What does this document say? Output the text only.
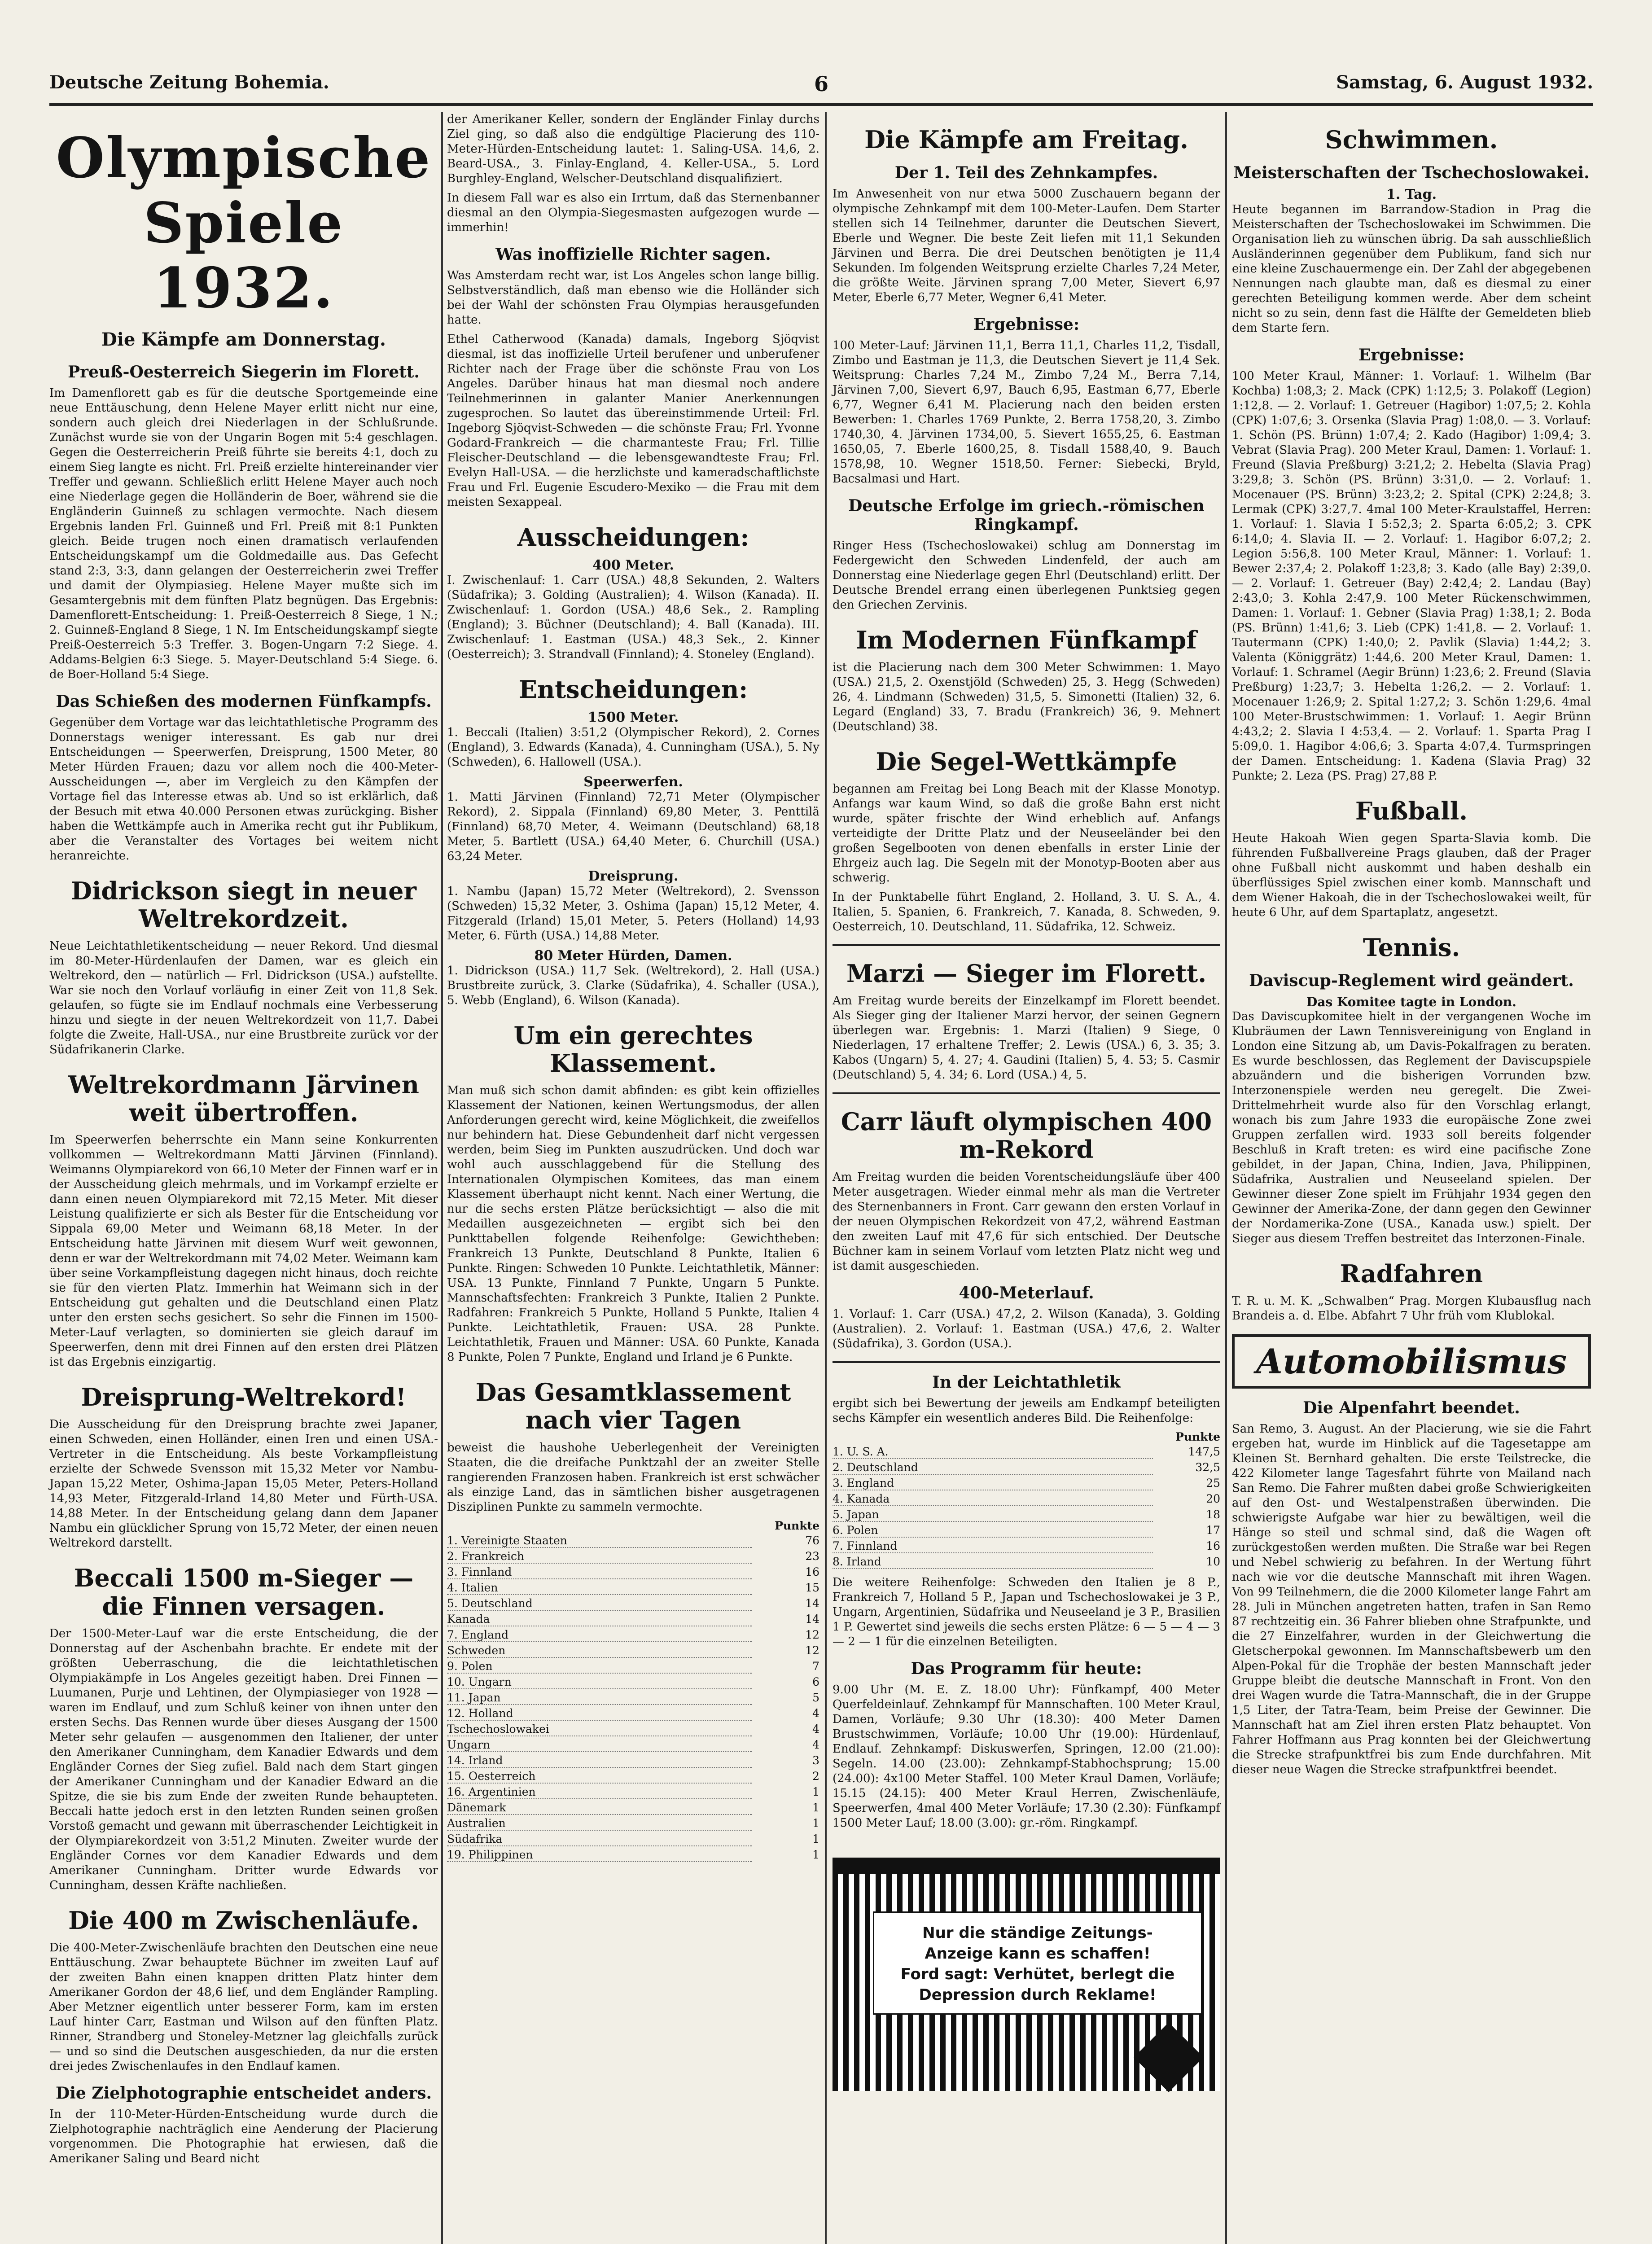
Deutsche Zeitung Bohemia.	6	Samstag, 6. August 1932.
Olympische Spiele 1932.
Die Kämpfe am Donnerstag.
Preuß-Oesterreich Siegerin im Florett.

Im Damenflorett gab es für die deutsche Sportgemeinde eine neue Enttäuschung, denn Helene Mayer erlitt nicht nur eine, sondern auch gleich drei Niederlagen in der Schlußrunde. Zunächst wurde sie von der Ungarin Bogen mit 5:4 geschlagen. Gegen die Oesterreicherin Preiß führte sie bereits 4:1, doch zu einem Sieg langte es nicht. Frl. Preiß erzielte hintereinander vier Treffer und gewann. Schließlich erlitt Helene Mayer auch noch eine Niederlage gegen die Holländerin de Boer, während sie die Engländerin Guinneß zu schlagen vermochte. Nach diesem Ergebnis landen Frl. Guinneß und Frl. Preiß mit 8:1 Punkten gleich. Beide trugen noch einen dramatisch verlaufenden Entscheidungskampf um die Goldmedaille aus. Das Gefecht stand 2:3, 3:3, dann gelangen der Oesterreicherin zwei Treffer und damit der Olympiasieg. Helene Mayer mußte sich im Gesamtergebnis mit dem fünften Platz begnügen. Das Ergebnis: Damenflorett-Entscheidung: 1. Preiß-Oesterreich 8 Siege, 1 N.; 2. Guinneß-England 8 Siege, 1 N. Im Entscheidungskampf siegte Preiß-Oesterreich 5:3 Treffer. 3. Bogen-Ungarn 7:2 Siege. 4. Addams-Belgien 6:3 Siege. 5. Mayer-Deutschland 5:4 Siege. 6. de Boer-Holland 5:4 Siege.

Das Schießen des modernen Fünfkampfs.

Gegenüber dem Vortage war das leichtathletische Programm des Donnerstags weniger interessant. Es gab nur drei Entscheidungen — Speerwerfen, Dreisprung, 1500 Meter, 80 Meter Hürden Frauen; dazu vor allem noch die 400-Meter-Ausscheidungen —, aber im Vergleich zu den Kämpfen der Vortage fiel das Interesse etwas ab. Und so ist erklärlich, daß der Besuch mit etwa 40.000 Personen etwas zurückging. Bisher haben die Wettkämpfe auch in Amerika recht gut ihr Publikum, aber die Veranstalter des Vortages bei weitem nicht heranreichte.

Didrickson siegt in neuer Weltrekordzeit.

Neue Leichtathletikentscheidung — neuer Rekord. Und diesmal im 80-Meter-Hürdenlaufen der Damen, war es gleich ein Weltrekord, den — natürlich — Frl. Didrickson (USA.) aufstellte. War sie noch den Vorlauf vorläufig in einer Zeit von 11,8 Sek. gelaufen, so fügte sie im Endlauf nochmals eine Verbesserung hinzu und siegte in der neuen Weltrekordzeit von 11,7. Dabei folgte die Zweite, Hall-USA., nur eine Brustbreite zurück vor der Südafrikanerin Clarke.

Weltrekordmann Järvinen weit übertroffen.

Im Speerwerfen beherrschte ein Mann seine Konkurrenten vollkommen — Weltrekordmann Matti Järvinen (Finnland). Weimanns Olympiarekord von 66,10 Meter der Finnen warf er in der Ausscheidung gleich mehrmals, und im Vorkampf erzielte er dann einen neuen Olympiarekord mit 72,15 Meter. Mit dieser Leistung qualifizierte er sich als Bester für die Entscheidung vor Sippala 69,00 Meter und Weimann 68,18 Meter. In der Entscheidung hatte Järvinen mit diesem Wurf weit gewonnen, denn er war der Weltrekordmann mit 74,02 Meter. Weimann kam über seine Vorkampfleistung dagegen nicht hinaus, doch reichte sie für den vierten Platz. Immerhin hat Weimann sich in der Entscheidung gut gehalten und die Deutschland einen Platz unter den ersten sechs gesichert. So sehr die Finnen im 1500-Meter-Lauf verlagten, so dominierten sie gleich darauf im Speerwerfen, denn mit drei Finnen auf den ersten drei Plätzen ist das Ergebnis einzigartig.

Dreisprung-Weltrekord!

Die Ausscheidung für den Dreisprung brachte zwei Japaner, einen Schweden, einen Holländer, einen Iren und einen USA.-Vertreter in die Entscheidung. Als beste Vorkampfleistung erzielte der Schwede Svensson mit 15,32 Meter vor Nambu-Japan 15,22 Meter, Oshima-Japan 15,05 Meter, Peters-Holland 14,93 Meter, Fitzgerald-Irland 14,80 Meter und Fürth-USA. 14,88 Meter. In der Entscheidung gelang dann dem Japaner Nambu ein glücklicher Sprung von 15,72 Meter, der einen neuen Weltrekord darstellt.

Beccali 1500 m-Sieger — die Finnen versagen.

Der 1500-Meter-Lauf war die erste Entscheidung, die der Donnerstag auf der Aschenbahn brachte. Er endete mit der größten Ueberraschung, die die leichtathletischen Olympiakämpfe in Los Angeles gezeitigt haben. Drei Finnen — Luumanen, Purje und Lehtinen, der Olympiasieger von 1928 — waren im Endlauf, und zum Schluß keiner von ihnen unter den ersten Sechs. Das Rennen wurde über dieses Ausgang der 1500 Meter sehr gelaufen — ausgenommen den Italiener, der unter den Amerikaner Cunningham, dem Kanadier Edwards und dem Engländer Cornes der Sieg zufiel. Bald nach dem Start gingen der Amerikaner Cunningham und der Kanadier Edward an die Spitze, die sie bis zum Ende der zweiten Runde behaupteten. Beccali hatte jedoch erst in den letzten Runden seinen großen Vorstoß gemacht und gewann mit überraschender Leichtigkeit in der Olympiarekordzeit von 3:51,2 Minuten. Zweiter wurde der Engländer Cornes vor dem Kanadier Edwards und dem Amerikaner Cunningham. Dritter wurde Edwards vor Cunningham, dessen Kräfte nachließen.

Die 400 m Zwischenläufe.

Die 400-Meter-Zwischenläufe brachten den Deutschen eine neue Enttäuschung. Zwar behauptete Büchner im zweiten Lauf auf der zweiten Bahn einen knappen dritten Platz hinter dem Amerikaner Gordon der 48,6 lief, und dem Engländer Rampling. Aber Metzner eigentlich unter besserer Form, kam im ersten Lauf hinter Carr, Eastman und Wilson auf den fünften Platz. Rinner, Strandberg und Stoneley-Metzner lag gleichfalls zurück — und so sind die Deutschen ausgeschieden, da nur die ersten drei jedes Zwischenlaufes in den Endlauf kamen.

Die Zielphotographie entscheidet anders.

In der 110-Meter-Hürden-Entscheidung wurde durch die Zielphotographie nachträglich eine Aenderung der Placierung vorgenommen. Die Photographie hat erwiesen, daß die Amerikaner Saling und Beard nicht

der Amerikaner Keller, sondern der Engländer Finlay durchs Ziel ging, so daß also die endgültige Placierung des 110-Meter-Hürden-Entscheidung lautet: 1. Saling-USA. 14,6, 2. Beard-USA., 3. Finlay-England, 4. Keller-USA., 5. Lord Burghley-England, Welscher-Deutschland disqualifiziert.

In diesem Fall war es also ein Irrtum, daß das Sternenbanner diesmal an den Olympia-Siegesmasten aufgezogen wurde — immerhin!

Was inoffizielle Richter sagen.

Was Amsterdam recht war, ist Los Angeles schon lange billig. Selbstverständlich, daß man ebenso wie die Holländer sich bei der Wahl der schönsten Frau Olympias herausgefunden hatte.

Ethel Catherwood (Kanada) damals, Ingeborg Sjöqvist diesmal, ist das inoffizielle Urteil berufener und unberufener Richter nach der Frage über die schönste Frau von Los Angeles. Darüber hinaus hat man diesmal noch andere Teilnehmerinnen in galanter Manier Anerkennungen zugesprochen. So lautet das übereinstimmende Urteil: Frl. Ingeborg Sjöqvist-Schweden — die schönste Frau; Frl. Yvonne Godard-Frankreich — die charmanteste Frau; Frl. Tillie Fleischer-Deutschland — die lebensgewandteste Frau; Frl. Evelyn Hall-USA. — die herzlichste und kameradschaftlichste Frau und Frl. Eugenie Escudero-Mexiko — die Frau mit dem meisten Sexappeal.

Ausscheidungen:
400 Meter.

I. Zwischenlauf: 1. Carr (USA.) 48,8 Sekunden, 2. Walters (Südafrika); 3. Golding (Australien); 4. Wilson (Kanada). II. Zwischenlauf: 1. Gordon (USA.) 48,6 Sek., 2. Rampling (England); 3. Büchner (Deutschland); 4. Ball (Kanada). III. Zwischenlauf: 1. Eastman (USA.) 48,3 Sek., 2. Kinner (Oesterreich); 3. Strandvall (Finnland); 4. Stoneley (England).

Entscheidungen:
1500 Meter.

1. Beccali (Italien) 3:51,2 (Olympischer Rekord), 2. Cornes (England), 3. Edwards (Kanada), 4. Cunningham (USA.), 5. Ny (Schweden), 6. Hallowell (USA.).

Speerwerfen.

1. Matti Järvinen (Finnland) 72,71 Meter (Olympischer Rekord), 2. Sippala (Finnland) 69,80 Meter, 3. Penttilä (Finnland) 68,70 Meter, 4. Weimann (Deutschland) 68,18 Meter, 5. Bartlett (USA.) 64,40 Meter, 6. Churchill (USA.) 63,24 Meter.

Dreisprung.

1. Nambu (Japan) 15,72 Meter (Weltrekord), 2. Svensson (Schweden) 15,32 Meter, 3. Oshima (Japan) 15,12 Meter, 4. Fitzgerald (Irland) 15,01 Meter, 5. Peters (Holland) 14,93 Meter, 6. Fürth (USA.) 14,88 Meter.

80 Meter Hürden, Damen.

1. Didrickson (USA.) 11,7 Sek. (Weltrekord), 2. Hall (USA.) Brustbreite zurück, 3. Clarke (Südafrika), 4. Schaller (USA.), 5. Webb (England), 6. Wilson (Kanada).

Um ein gerechtes Klassement.

Man muß sich schon damit abfinden: es gibt kein offizielles Klassement der Nationen, keinen Wertungsmodus, der allen Anforderungen gerecht wird, keine Möglichkeit, die zweifellos nur behindern hat. Diese Gebundenheit darf nicht vergessen werden, beim Sieg im Punkten auszudrücken. Und doch war wohl auch ausschlaggebend für die Stellung des Internationalen Olympischen Komitees, das man einem Klassement überhaupt nicht kennt. Nach einer Wertung, die nur die sechs ersten Plätze berücksichtigt — also die mit Medaillen ausgezeichneten — ergibt sich bei den Punkttabellen folgende Reihenfolge: Gewichtheben: Frankreich 13 Punkte, Deutschland 8 Punkte, Italien 6 Punkte. Ringen: Schweden 10 Punkte. Leichtathletik, Männer: USA. 13 Punkte, Finnland 7 Punkte, Ungarn 5 Punkte. Mannschaftsfechten: Frankreich 3 Punkte, Italien 2 Punkte. Radfahren: Frankreich 5 Punkte, Holland 5 Punkte, Italien 4 Punkte. Leichtathletik, Frauen: USA. 28 Punkte. Leichtathletik, Frauen und Männer: USA. 60 Punkte, Kanada 8 Punkte, Polen 7 Punkte, England und Irland je 6 Punkte.

Das Gesamtklassement nach vier Tagen

beweist die haushohe Ueberlegenheit der Vereinigten Staaten, die die dreifache Punktzahl der an zweiter Stelle rangierenden Franzosen haben. Frankreich ist erst schwächer als einzige Land, das in sämtlichen bisher ausgetragenen Disziplinen Punkte zu sammeln vermochte.

Punkte
1. Vereinigte Staaten	76
2. Frankreich	23
3. Finnland	16
4. Italien	15
5. Deutschland	14
Kanada	14
7. England	12
Schweden	12
9. Polen	7
10. Ungarn	6
11. Japan	5
12. Holland	4
Tschechoslowakei	4
Ungarn	4
14. Irland	3
15. Oesterreich	2
16. Argentinien	1
Dänemark	1
Australien	1
Südafrika	1
19. Philippinen	1
Die Kämpfe am Freitag.
Der 1. Teil des Zehnkampfes.

Im Anwesenheit von nur etwa 5000 Zuschauern begann der olympische Zehnkampf mit dem 100-Meter-Laufen. Dem Starter stellen sich 14 Teilnehmer, darunter die Deutschen Sievert, Eberle und Wegner. Die beste Zeit liefen mit 11,1 Sekunden Järvinen und Berra. Die drei Deutschen benötigten je 11,4 Sekunden. Im folgenden Weitsprung erzielte Charles 7,24 Meter, die größte Weite. Järvinen sprang 7,00 Meter, Sievert 6,97 Meter, Eberle 6,77 Meter, Wegner 6,41 Meter.

Ergebnisse:

100 Meter-Lauf: Järvinen 11,1, Berra 11,1, Charles 11,2, Tisdall, Zimbo und Eastman je 11,3, die Deutschen Sievert je 11,4 Sek. Weitsprung: Charles 7,24 M., Zimbo 7,24 M., Berra 7,14, Järvinen 7,00, Sievert 6,97, Bauch 6,95, Eastman 6,77, Eberle 6,77, Wegner 6,41 M. Placierung nach den beiden ersten Bewerben: 1. Charles 1769 Punkte, 2. Berra 1758,20, 3. Zimbo 1740,30, 4. Järvinen 1734,00, 5. Sievert 1655,25, 6. Eastman 1650,05, 7. Eberle 1600,25, 8. Tisdall 1588,40, 9. Bauch 1578,98, 10. Wegner 1518,50. Ferner: Siebecki, Bryld, Bacsalmasi und Hart.

Deutsche Erfolge im griech.-römischen Ringkampf.

Ringer Hess (Tschechoslowakei) schlug am Donnerstag im Federgewicht den Schweden Lindenfeld, der auch am Donnerstag eine Niederlage gegen Ehrl (Deutschland) erlitt. Der Deutsche Brendel errang einen überlegenen Punktsieg gegen den Griechen Zervinis.

Im Modernen Fünfkampf

ist die Placierung nach dem 300 Meter Schwimmen: 1. Mayo (USA.) 21,5, 2. Oxenstjöld (Schweden) 25, 3. Hegg (Schweden) 26, 4. Lindmann (Schweden) 31,5, 5. Simonetti (Italien) 32, 6. Legard (England) 33, 7. Bradu (Frankreich) 36, 9. Mehnert (Deutschland) 38.

Die Segel-Wettkämpfe

begannen am Freitag bei Long Beach mit der Klasse Monotyp. Anfangs war kaum Wind, so daß die große Bahn erst nicht wurde, später frischte der Wind erheblich auf. Anfangs verteidigte der Dritte Platz und der Neuseeländer bei den großen Segelbooten von denen ebenfalls in erster Linie der Ehrgeiz auch lag. Die Segeln mit der Monotyp-Booten aber aus schwerig.

In der Punktabelle führt England, 2. Holland, 3. U. S. A., 4. Italien, 5. Spanien, 6. Frankreich, 7. Kanada, 8. Schweden, 9. Oesterreich, 10. Deutschland, 11. Südafrika, 12. Schweiz.

Marzi — Sieger im Florett.

Am Freitag wurde bereits der Einzelkampf im Florett beendet. Als Sieger ging der Italiener Marzi hervor, der seinen Gegnern überlegen war. Ergebnis: 1. Marzi (Italien) 9 Siege, 0 Niederlagen, 17 erhaltene Treffer; 2. Lewis (USA.) 6, 3. 35; 3. Kabos (Ungarn) 5, 4. 27; 4. Gaudini (Italien) 5, 4. 53; 5. Casmir (Deutschland) 5, 4. 34; 6. Lord (USA.) 4, 5.

Carr läuft olympischen 400 m-Rekord

Am Freitag wurden die beiden Vorentscheidungsläufe über 400 Meter ausgetragen. Wieder einmal mehr als man die Vertreter des Sternenbanners in Front. Carr gewann den ersten Vorlauf in der neuen Olympischen Rekordzeit von 47,2, während Eastman den zweiten Lauf mit 47,6 für sich entschied. Der Deutsche Büchner kam in seinem Vorlauf vom letzten Platz nicht weg und ist damit ausgeschieden.

400-Meterlauf.

1. Vorlauf: 1. Carr (USA.) 47,2, 2. Wilson (Kanada), 3. Golding (Australien). 2. Vorlauf: 1. Eastman (USA.) 47,6, 2. Walter (Südafrika), 3. Gordon (USA.).

In der Leichtathletik

ergibt sich bei Bewertung der jeweils am Endkampf beteiligten sechs Kämpfer ein wesentlich anderes Bild. Die Reihenfolge:

Punkte
1. U. S. A.	147,5
2. Deutschland	32,5
3. England	25
4. Kanada	20
5. Japan	18
6. Polen	17
7. Finnland	16
8. Irland	10

Die weitere Reihenfolge: Schweden den Italien je 8 P., Frankreich 7, Holland 5 P., Japan und Tschechoslowakei je 3 P., Ungarn, Argentinien, Südafrika und Neuseeland je 3 P., Brasilien 1 P. Gewertet sind jeweils die sechs ersten Plätze: 6 — 5 — 4 — 3 — 2 — 1 für die einzelnen Beteiligten.

Das Programm für heute:

9.00 Uhr (M. E. Z. 18.00 Uhr): Fünfkampf, 400 Meter Querfeldeinlauf. Zehnkampf für Mannschaften. 100 Meter Kraul, Damen, Vorläufe; 9.30 Uhr (18.30): 400 Meter Damen Brustschwimmen, Vorläufe; 10.00 Uhr (19.00): Hürdenlauf, Endlauf. Zehnkampf: Diskuswerfen, Springen, 12.00 (21.00): Segeln. 14.00 (23.00): Zehnkampf-Stabhochsprung; 15.00 (24.00): 4x100 Meter Staffel. 100 Meter Kraul Damen, Vorläufe; 15.15 (24.15): 400 Meter Kraul Herren, Zwischenläufe, Speerwerfen, 4mal 400 Meter Vorläufe; 17.30 (2.30): Fünfkampf 1500 Meter Lauf; 18.00 (3.00): gr.-röm. Ringkampf.

Nur die ständige Zeitungs-
Anzeige kann es schaffen!
Ford sagt: Verhütet, berlegt die
Depression durch Reklame!
Schwimmen.
Meisterschaften der Tschechoslowakei.
1. Tag.

Heute begannen im Barrandow-Stadion in Prag die Meisterschaften der Tschechoslowakei im Schwimmen. Die Organisation lieh zu wünschen übrig. Da sah ausschließlich Ausländerinnen gegenüber dem Publikum, fand sich nur eine kleine Zuschauermenge ein. Der Zahl der abgegebenen Nennungen nach glaubte man, daß es diesmal zu einer gerechten Beteiligung kommen werde. Aber dem scheint nicht so zu sein, denn fast die Hälfte der Gemeldeten blieb dem Starte fern.

Ergebnisse:

100 Meter Kraul, Männer: 1. Vorlauf: 1. Wilhelm (Bar Kochba) 1:08,3; 2. Mack (CPK) 1:12,5; 3. Polakoff (Legion) 1:12,8. — 2. Vorlauf: 1. Getreuer (Hagibor) 1:07,5; 2. Kohla (CPK) 1:07,6; 3. Orsenka (Slavia Prag) 1:08,0. — 3. Vorlauf: 1. Schön (PS. Brünn) 1:07,4; 2. Kado (Hagibor) 1:09,4; 3. Vebrat (Slavia Prag). 200 Meter Kraul, Damen: 1. Vorlauf: 1. Freund (Slavia Preßburg) 3:21,2; 2. Hebelta (Slavia Prag) 3:29,8; 3. Schön (PS. Brünn) 3:31,0. — 2. Vorlauf: 1. Mocenauer (PS. Brünn) 3:23,2; 2. Spital (CPK) 2:24,8; 3. Lermak (CPK) 3:27,7. 4mal 100 Meter-Kraulstaffel, Herren: 1. Vorlauf: 1. Slavia I 5:52,3; 2. Sparta 6:05,2; 3. CPK 6:14,0; 4. Slavia II. — 2. Vorlauf: 1. Hagibor 6:07,2; 2. Legion 5:56,8. 100 Meter Kraul, Männer: 1. Vorlauf: 1. Bewer 2:37,4; 2. Polakoff 1:23,8; 3. Kado (alle Bay) 2:39,0. — 2. Vorlauf: 1. Getreuer (Bay) 2:42,4; 2. Landau (Bay) 2:43,0; 3. Kohla 2:47,9. 100 Meter Rückenschwimmen, Damen: 1. Vorlauf: 1. Gebner (Slavia Prag) 1:38,1; 2. Boda (PS. Brünn) 1:41,6; 3. Lieb (CPK) 1:41,8. — 2. Vorlauf: 1. Tautermann (CPK) 1:40,0; 2. Pavlik (Slavia) 1:44,2; 3. Valenta (Königgrätz) 1:44,6. 200 Meter Kraul, Damen: 1. Vorlauf: 1. Schramel (Aegir Brünn) 1:23,6; 2. Freund (Slavia Preßburg) 1:23,7; 3. Hebelta 1:26,2. — 2. Vorlauf: 1. Mocenauer 1:26,9; 2. Spital 1:27,2; 3. Schön 1:29,6. 4mal 100 Meter-Brustschwimmen: 1. Vorlauf: 1. Aegir Brünn 4:43,2; 2. Slavia I 4:53,4. — 2. Vorlauf: 1. Sparta Prag I 5:09,0. 1. Hagibor 4:06,6; 3. Sparta 4:07,4. Turmspringen der Damen. Entscheidung: 1. Kadena (Slavia Prag) 32 Punkte; 2. Leza (PS. Prag) 27,88 P.

Fußball.

Heute Hakoah Wien gegen Sparta-Slavia komb. Die führenden Fußballvereine Prags glauben, daß der Prager ohne Fußball nicht auskommt und haben deshalb ein überflüssiges Spiel zwischen einer komb. Mannschaft und dem Wiener Hakoah, die in der Tschechoslowakei weilt, für heute 6 Uhr, auf dem Spartaplatz, angesetzt.

Tennis.
Daviscup-Reglement wird geändert.
Das Komitee tagte in London.

Das Daviscupkomitee hielt in der vergangenen Woche im Klubräumen der Lawn Tennisvereinigung von England in London eine Sitzung ab, um Davis-Pokalfragen zu beraten. Es wurde beschlossen, das Reglement der Daviscupspiele abzuändern und die bisherigen Vorrunden bzw. Interzonenspiele werden neu geregelt. Die Zwei-Drittelmehrheit wurde also für den Vorschlag erlangt, wonach bis zum Jahre 1933 die europäische Zone zwei Gruppen zerfallen wird. 1933 soll bereits folgender Beschluß in Kraft treten: es wird eine pacifische Zone gebildet, in der Japan, China, Indien, Java, Philippinen, Südafrika, Australien und Neuseeland spielen. Der Gewinner dieser Zone spielt im Frühjahr 1934 gegen den Gewinner der Amerika-Zone, der dann gegen den Gewinner der Nordamerika-Zone (USA., Kanada usw.) spielt. Der Sieger aus diesem Treffen bestreitet das Interzonen-Finale.

Radfahren

T. R. u. M. K. „Schwalben“ Prag. Morgen Klubausflug nach Brandeis a. d. Elbe. Abfahrt 7 Uhr früh vom Klublokal.

Automobilismus
Die Alpenfahrt beendet.

San Remo, 3. August. An der Placierung, wie sie die Fahrt ergeben hat, wurde im Hinblick auf die Tagesetappe am Kleinen St. Bernhard gehalten. Die erste Teilstrecke, die 422 Kilometer lange Tagesfahrt führte von Mailand nach San Remo. Die Fahrer mußten dabei große Schwierigkeiten auf den Ost- und Westalpenstraßen überwinden. Die schwierigste Aufgabe war hier zu bewältigen, weil die Hänge so steil und schmal sind, daß die Wagen oft zurückgestoßen werden mußten. Die Straße war bei Regen und Nebel schwierig zu befahren. In der Wertung führt nach wie vor die deutsche Mannschaft mit ihren Wagen. Von 99 Teilnehmern, die die 2000 Kilometer lange Fahrt am 28. Juli in München angetreten hatten, trafen in San Remo 87 rechtzeitig ein. 36 Fahrer blieben ohne Strafpunkte, und die 27 Einzelfahrer, wurden in der Gleichwertung die Gletscherpokal gewonnen. Im Mannschaftsbewerb um den Alpen-Pokal für die Trophäe der besten Mannschaft jeder Gruppe bleibt die deutsche Mannschaft in Front. Von den drei Wagen wurde die Tatra-Mannschaft, die in der Gruppe 1,5 Liter, der Tatra-Team, beim Preise der Gewinner. Die Mannschaft hat am Ziel ihren ersten Platz behauptet. Von Fahrer Hoffmann aus Prag konnten bei der Gleichwertung die Strecke strafpunktfrei bis zum Ende durchfahren. Mit dieser neue Wagen die Strecke strafpunktfrei beendet.
